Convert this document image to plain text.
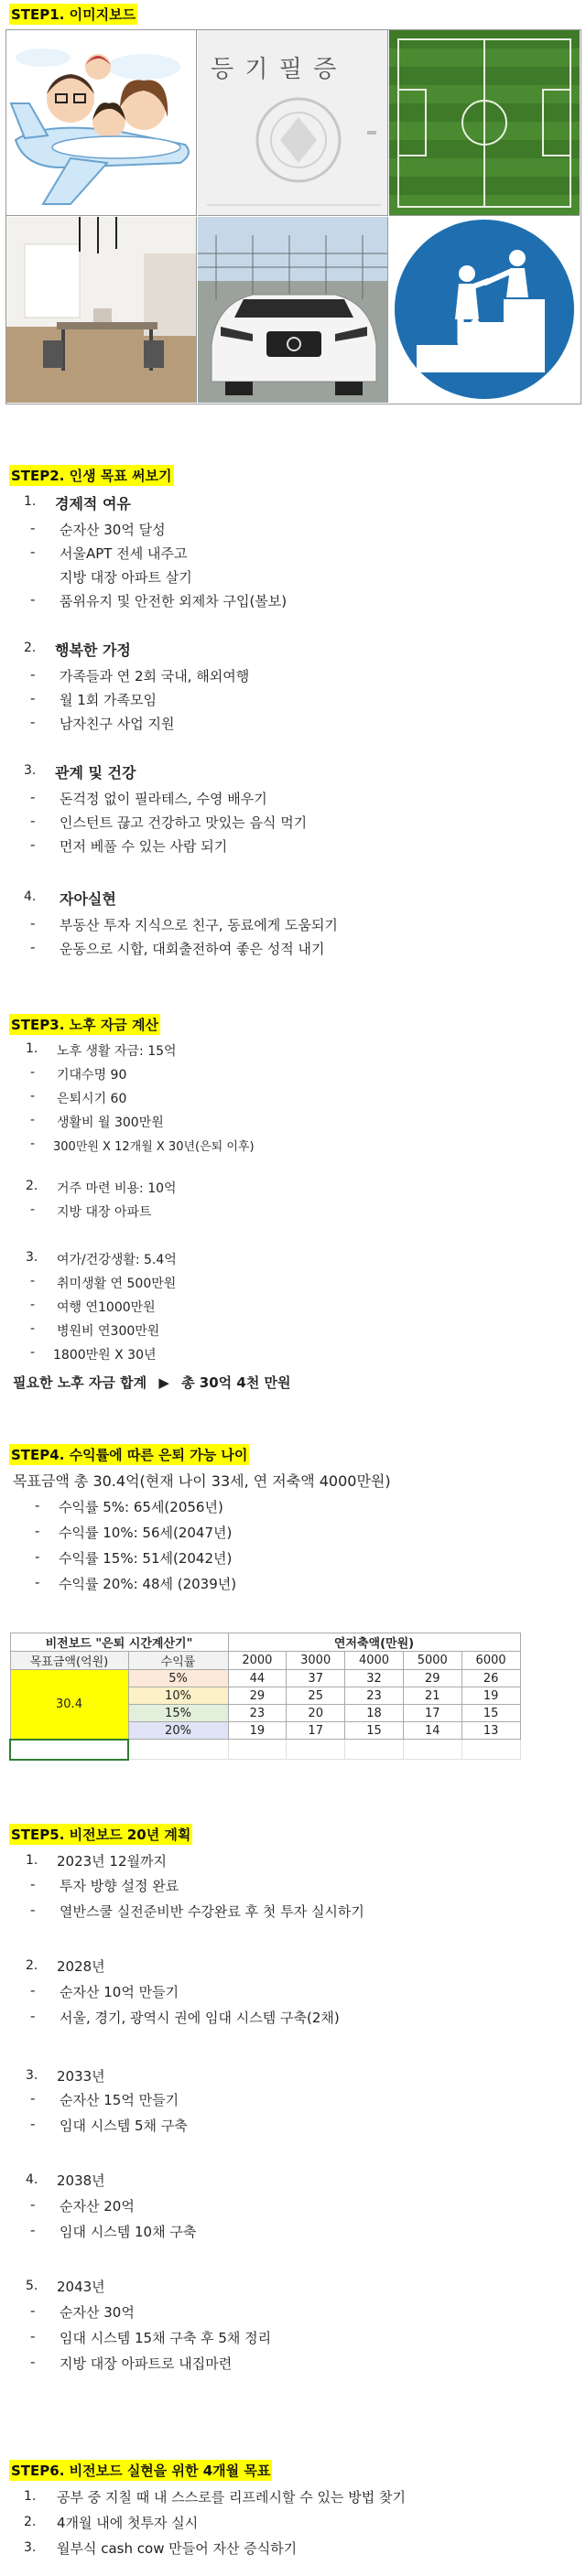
STEP1. 이미지보드
등 기 필 증
STEP2. 인생 목표 써보기
1. 경제적 여유
- 순자산 30억 달성
- 서울APT 전세 내주고
지방 대장 아파트 살기
- 품위유지 및 안전한 외제차 구입(볼보)
2. 행복한 가정
- 가족들과 연 2회 국내, 해외여행
- 월 1회 가족모임
- 남자친구 사업 지원
3. 관계 및 건강
- 돈걱정 없이 필라테스, 수영 배우기
- 인스턴트 끊고 건강하고 맛있는 음식 먹기
- 먼저 베풀 수 있는 사람 되기
4. 자아실현
- 부동산 투자 지식으로 친구, 동료에게 도움되기
- 운동으로 시합, 대회출전하여 좋은 성적 내기
STEP3. 노후 자금 계산
1. 노후 생활 자금: 15억
- 기대수명 90
- 은퇴시기 60
- 생활비 월 300만원
- 300만원 X 12개월 X 30년(은퇴 이후)
2. 거주 마련 비용: 10억
- 지방 대장 아파트
3. 여가/건강생활: 5.4억
- 취미생활 연 500만원
- 여행 연1000만원
- 병원비 연300만원
- 1800만원 X 30년
필요한 노후 자금 합계 ▶ 총 30억 4천 만원
STEP4. 수익률에 따른 은퇴 가능 나이
목표금액 총 30.4억(현재 나이 33세, 연 저축액 4000만원)
- 수익률 5%: 65세(2056년)
- 수익률 10%: 56세(2047년)
- 수익률 15%: 51세(2042년)
- 수익률 20%: 48세 (2039년)
비전보드 "은퇴 시간계산기"		연저축액(만원)				
목표금액(억원)	수익률	2000	3000	4000	5000	6000
30.4	5%	44	37	32	29	26
	10%	29	25	23	21	19
	15%	23	20	18	17	15
	20%	19	17	15	14	13

STEP5. 비전보드 20년 계획
1. 2023년 12월까지
- 투자 방향 설정 완료
- 열반스쿨 실전준비반 수강완료 후 첫 투자 실시하기
2. 2028년
- 순자산 10억 만들기
- 서울, 경기, 광역시 권에 임대 시스템 구축(2채)
3. 2033년
- 순자산 15억 만들기
- 임대 시스템 5채 구축
4. 2038년
- 순자산 20억
- 임대 시스템 10채 구축
5. 2043년
- 순자산 30억
- 임대 시스템 15채 구축 후 5채 정리
- 지방 대장 아파트로 내집마련
STEP6. 비전보드 실현을 위한 4개월 목표
1. 공부 중 지칠 때 내 스스로를 리프레시할 수 있는 방법 찾기
2. 4개월 내에 첫투자 실시
3. 월부식 cash cow 만들어 자산 증식하기
